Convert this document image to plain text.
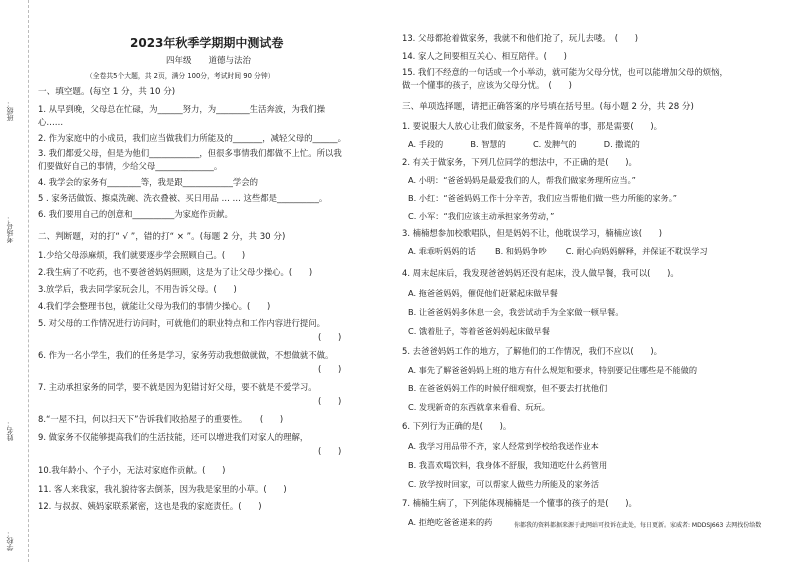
班级：
考场号：
姓名：
学校：
2023年秋季学期期中测试卷
四年级　　道德与法治
（全卷共5个大题，共 2页，满分 100分，考试时间 90 分钟）
一、填空题。(每空 1 分，共 10 分)
1. 从早到晚，父母总在忙碌，为______努力，为________生活奔波，为我们操
心……
2. 作为家庭中的小成员，我们应当做我们力所能及的_______，减轻父母的______。
3. 我们都爱父母，但是为他们____________，但很多事情我们都做不上忙。所以我
们要做好自己的事情，少给父母______________。
4. 我学会的家务有________等，我是跟____________学会的
5 . 家务活做饭、擦桌洗碗、洗衣叠被、买日用品 … … 这些都是__________。
6. 我们要用自己的创意和__________为家庭作贡献。
二、判断题，对的打“ √ ”，错的打“ × ”。(每题 2 分，共 30 分)
1.少给父母添麻烦，我们就要逐步学会照顾自己。(　　)
2.我生病了不吃药，也不要爸爸妈妈照顾，这是为了让父母少操心。(　　)
3.放学后，我去同学家玩会儿，不用告诉父母。(　　)
4.我们学会整理书包，就能让父母为我们的事情少操心。(　　)
5. 对父母的工作情况进行访问时，可就他们的职业特点和工作内容进行提问。
(　　)
6. 作为一名小学生，我们的任务是学习，家务劳动我想做就做，不想做就不做。
(　　)
7. 主动承担家务的同学，要不就是因为犯错讨好父母，要不就是不爱学习。
(　　)
8.“一屋不扫，何以扫天下”告诉我们收拾屋子的重要性。　　(　　)
9. 做家务不仅能够提高我们的生活技能，还可以增进我们对家人的理解，
(　　)
10.我年龄小、个子小，无法对家庭作贡献。(　　)
11. 客人来我家，我礼貌待客去倒茶，因为我是家里的小草。(　　)
12. 与叔叔、姨妈家联系紧密，这也是我的家庭责任。(　　)
13. 父母都抢着做家务，我就不和他们抢了，玩儿去喽。　(　　)
14. 家人之间要相互关心、相互陪伴。(　　)
15. 我们不经意的一句话或一个小举动，就可能为父母分忧，也可以能增加父母的烦恼，
做一个懂事的孩子，应该为父母分忧。　(　　)
三、单项选择题，请把正确答案的序号填在括号里。(每小题 2 分，共 28 分)
1. 要说服大人放心让我们做家务，不是件简单的事，那是需要(　　)。
A. 手段的　　　 B. 智慧的　　　 C. 发脾气的　　　 D. 撒谎的
2. 有关于做家务，下列几位同学的想法中，不正确的是(　　)。
A. 小明：“爸爸妈妈是最爱我们的人，帮我们做家务理所应当。”
B. 小红：“爸爸妈妈工作十分辛苦，我们应当帮他们做一些力所能的家务。”
C. 小军：“我们应该主动承担家务劳动，”
3. 楠楠想参加校歌唱队，但是妈妈不让，他耽误学习，楠楠应该(　　)
A. 乖乖听妈妈的话　　 B. 和妈妈争吵　　 C. 耐心向妈妈解释，并保证不耽误学习
4. 周末起床后，我发现爸爸妈妈还没有起床，没人做早餐，我可以(　　)。
A. 拖爸爸妈妈，催促他们赶紧起床做早餐
B. 让爸爸妈妈多休息一会，我尝试动手为全家做一顿早餐。
C. 饿着肚子，等着爸爸妈妈起床做早餐
5. 去爸爸妈妈工作的地方，了解他们的工作情况，我们不应以(　　)。
A. 事先了解爸爸妈妈上班的地方有什么规矩和要求，特别要记住哪些是不能做的
B. 在爸爸妈妈工作的时候仔细观察，但不要去打扰他们
C. 发现新奇的东西就拿来看看、玩玩。
6. 下列行为正确的是(　　)。
A. 我学习用品带不齐，家人经常到学校给我送作业本
B. 我喜欢喝饮料，我身体不舒服，我知道吃什么药管用
C. 放学按时回家，可以帮家人做些力所能及的家务活
7. 楠楠生病了，下列能体现楠楠是一个懂事的孩子的是(　　)。
A. 拒绝吃爸爸递来的药	你都我的资料都据来源于此网站可投诉在此处，每日更新。家威者: MDDSJ663 去网找份给数
